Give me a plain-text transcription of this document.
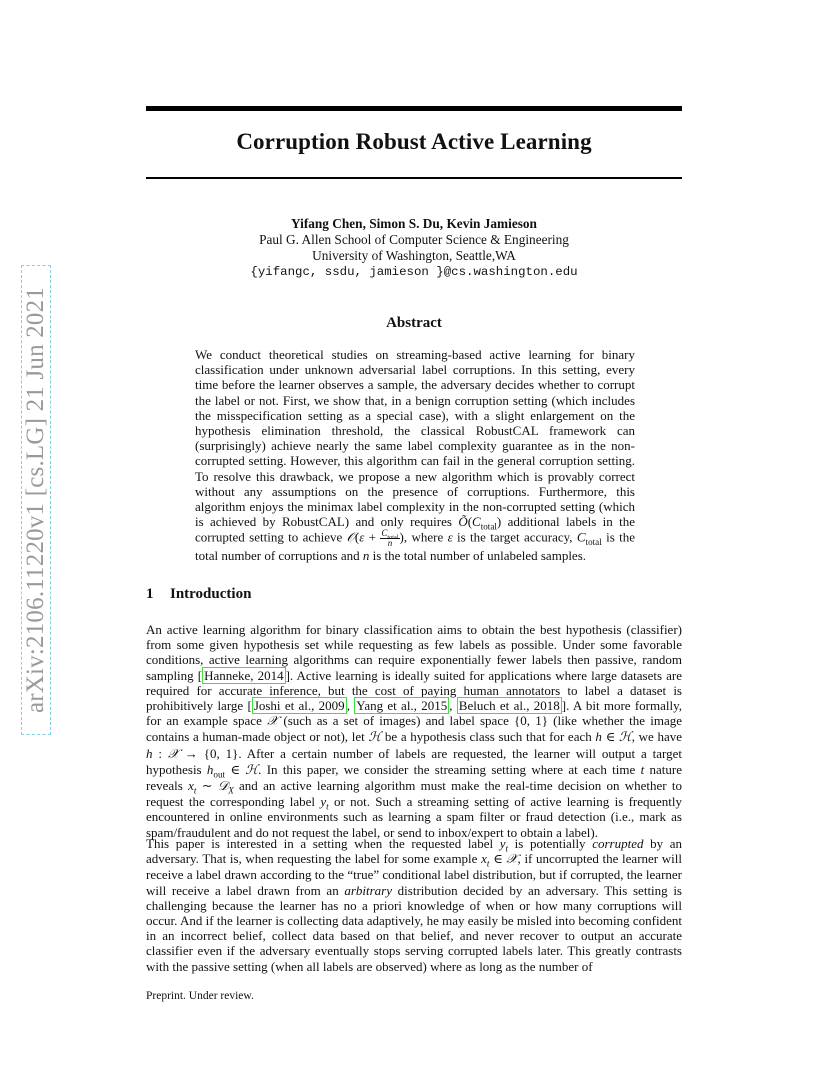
arXiv:2106.11220v1 [cs.LG] 21 Jun 2021
Corruption Robust Active Learning
Yifang Chen, Simon S. Du, Kevin Jamieson
Paul G. Allen School of Computer Science & Engineering
University of Washington, Seattle,WA
{yifangc, ssdu, jamieson }@cs.washington.edu
Abstract
We conduct theoretical studies on streaming-based active learning for binary classification under unknown adversarial label corruptions. In this setting, every time before the learner observes a sample, the adversary decides whether to corrupt the label or not. First, we show that, in a benign corruption setting (which includes the misspecification setting as a special case), with a slight enlargement on the hypothesis elimination threshold, the classical RobustCAL framework can (surprisingly) achieve nearly the same label complexity guarantee as in the non-corrupted setting. However, this algorithm can fail in the general corruption setting. To resolve this drawback, we propose a new algorithm which is provably correct without any assumptions on the presence of corruptions. Furthermore, this algorithm enjoys the minimax label complexity in the non-corrupted setting (which is achieved by RobustCAL) and only requires $Õ(C_{total})$ additional labels in the corrupted setting to achieve 𝒪(ε + $\frac{C_{total}}{n}$ ), where ε is the target accuracy, $C_{total}$ is the total number of corruptions and n is the total number of unlabeled samples.
1 Introduction
An active learning algorithm for binary classification aims to obtain the best hypothesis (classifier) from some given hypothesis set while requesting as few labels as possible. Under some favorable conditions, active learning algorithms can require exponentially fewer labels then passive, random sampling [ Hanneke, 2014 ]. Active learning is ideally suited for applications where large datasets are required for accurate inference, but the cost of paying human annotators to label a dataset is prohibitively large [ Joshi et al., 2009 , Yang et al., 2015 , Beluch et al., 2018 ]. A bit more formally, for an example space 𝒳 (such as a set of images) and label space {0, 1} (like whether the image contains a human-made object or not), let ℋ be a hypothesis class such that for each h ∈ ℋ, we have h : 𝒳 → {0, 1}. After a certain number of labels are requested, the learner will output a target hypothesis $h_{out}$ ∈ ℋ. In this paper, we consider the streaming setting where at each time t nature reveals $x_t$ ∼ 𝒟$_X$ and an active learning algorithm must make the real-time decision on whether to request the corresponding label $y_t$ or not. Such a streaming setting of active learning is frequently encountered in online environments such as learning a spam filter or fraud detection (i.e., mark as spam/fraudulent and do not request the label, or send to inbox/expert to obtain a label).
This paper is interested in a setting when the requested label $y_t$ is potentially corrupted by an adversary. That is, when requesting the label for some example $x_t$ ∈ 𝒳, if uncorrupted the learner will receive a label drawn according to the “true” conditional label distribution, but if corrupted, the learner will receive a label drawn from an arbitrary distribution decided by an adversary. This setting is challenging because the learner has no a priori knowledge of when or how many corruptions will occur. And if the learner is collecting data adaptively, he may easily be misled into becoming confident in an incorrect belief, collect data based on that belief, and never recover to output an accurate classifier even if the adversary eventually stops serving corrupted labels later. This greatly contrasts with the passive setting (when all labels are observed) where as long as the number of
Preprint. Under review.
